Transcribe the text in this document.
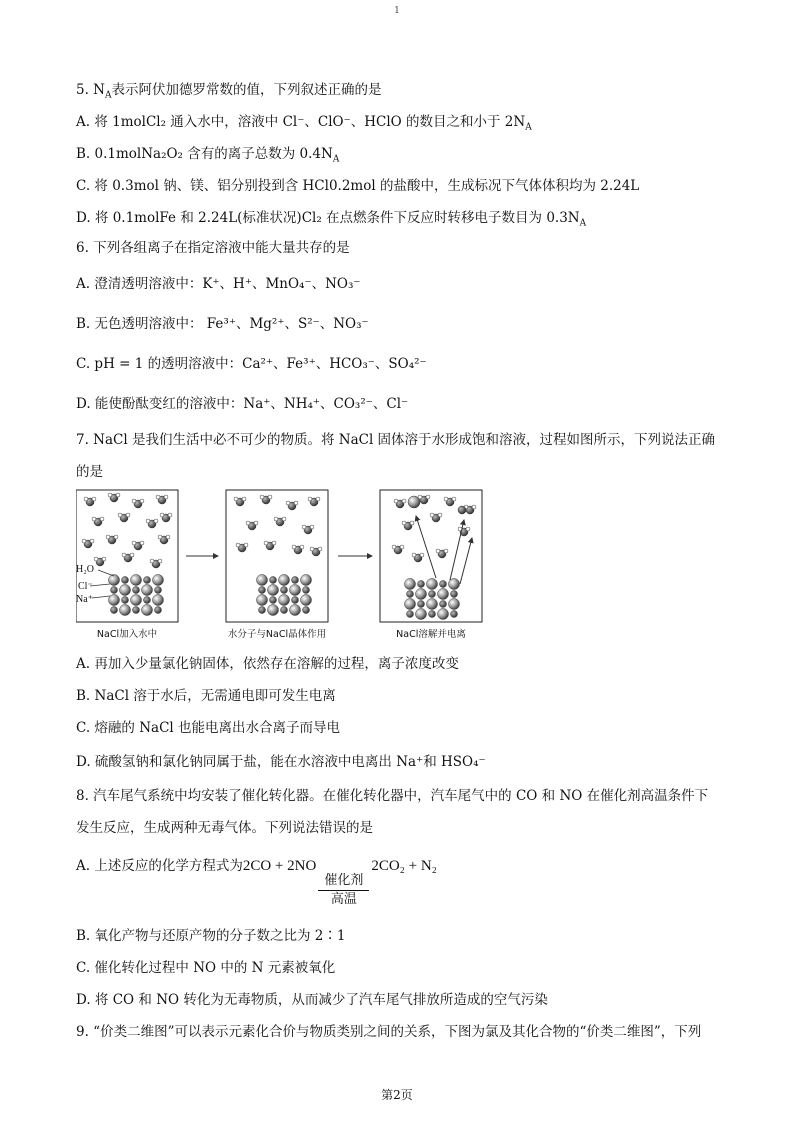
1

5. $N_A$表示阿伏加德罗常数的值，下列叙述正确的是

A. 将 1molCl₂ 通入水中，溶液中 Cl⁻、ClO⁻、HClO 的数目之和小于 $2N_A$

B. 0.1molNa₂O₂ 含有的离子总数为 $0.4N_A$

C. 将 0.3mol 钠、镁、铝分别投到含 HCl0.2mol 的盐酸中，生成标况下气体体积均为 2.24L

D. 将 0.1molFe 和 2.24L(标准状况)Cl₂ 在点燃条件下反应时转移电子数目为 $0.3N_A$

6. 下列各组离子在指定溶液中能大量共存的是

A. 澄清透明溶液中：K⁺、H⁺、MnO₄⁻、NO₃⁻

B. 无色透明溶液中： Fe³⁺、Mg²⁺、S²⁻、NO₃⁻

C. pH = 1 的透明溶液中：Ca²⁺、Fe³⁺、HCO₃⁻、SO₄²⁻

D. 能使酚酞变红的溶液中：Na⁺、NH₄⁺、CO₃²⁻、Cl⁻

7. NaCl 是我们生活中必不可少的物质。将 NaCl 固体溶于水形成饱和溶液，过程如图所示，下列说法正确

的是

H₂O
Cl⁻
Na⁺
NaCl加入水中	水分子与NaCl晶体作用	NaCl溶解并电离

A. 再加入少量氯化钠固体，依然存在溶解的过程，离子浓度改变

B. NaCl 溶于水后，无需通电即可发生电离

C. 熔融的 NaCl 也能电离出水合离子而导电

D. 硫酸氢钠和氯化钠同属于盐，能在水溶液中电离出 Na⁺和 HSO₄⁻

8. 汽车尾气系统中均安装了催化转化器。在催化转化器中，汽车尾气中的 CO 和 NO 在催化剂高温条件下

发生反应，生成两种无毒气体。下列说法错误的是

A. 上述反应的化学方程式为2CO + 2NO
催化剂
高温
2CO₂ + N₂

B. 氧化产物与还原产物的分子数之比为 2∶1

C. 催化转化过程中 NO 中的 N 元素被氧化

D. 将 CO 和 NO 转化为无毒物质，从而减少了汽车尾气排放所造成的空气污染

9. “价类二维图”可以表示元素化合价与物质类别之间的关系，下图为氯及其化合物的“价类二维图”，下列

第2页
